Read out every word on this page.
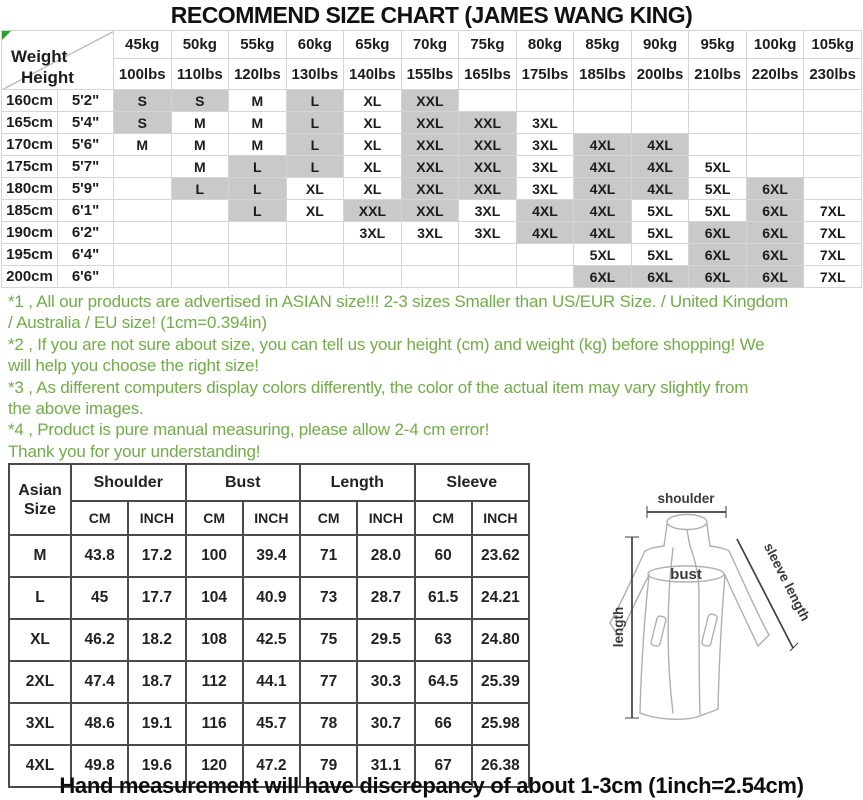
RECOMMEND SIZE CHART (JAMES WANG KING)
Weight
Height		45kg	50kg	55kg	60kg	65kg	70kg	75kg	80kg	85kg	90kg	95kg	100kg	105kg
		100lbs	110lbs	120lbs	130lbs	140lbs	155lbs	165lbs	175lbs	185lbs	200lbs	210lbs	220lbs	230lbs
160cm	5'2"	S	S	M	L	XL	XXL							
165cm	5'4"	S	M	M	L	XL	XXL	XXL	3XL					
170cm	5'6"	M	M	M	L	XL	XXL	XXL	3XL	4XL	4XL			
175cm	5'7"		M	L	L	XL	XXL	XXL	3XL	4XL	4XL	5XL		
180cm	5'9"		L	L	XL	XL	XXL	XXL	3XL	4XL	4XL	5XL	6XL	
185cm	6'1"			L	XL	XXL	XXL	3XL	4XL	4XL	5XL	5XL	6XL	7XL
190cm	6'2"					3XL	3XL	3XL	4XL	4XL	5XL	6XL	6XL	7XL
195cm	6'4"									5XL	5XL	6XL	6XL	7XL
200cm	6'6"									6XL	6XL	6XL	6XL	7XL
*1 , All our products are advertised in ASIAN size!!! 2-3 sizes Smaller than US/EUR Size. / United Kingdom
/ Australia / EU size! (1cm=0.394in)
*2 , If you are not sure about size, you can tell us your height (cm) and weight (kg) before shopping! We
will help you choose the right size!
*3 , As different computers display colors differently, the color of the actual item may vary slightly from
the above images.
*4 , Product is pure manual measuring, please allow 2-4 cm error!
Thank you for your understanding!
Asian
Size	Shoulder		Bust		Length		Sleeve	
	CM	INCH	CM	INCH	CM	INCH	CM	INCH
M	43.8	17.2	100	39.4	71	28.0	60	23.62
L	45	17.7	104	40.9	73	28.7	61.5	24.21
XL	46.2	18.2	108	42.5	75	29.5	63	24.80
2XL	47.4	18.7	112	44.1	77	30.3	64.5	25.39
3XL	48.6	19.1	116	45.7	78	30.7	66	25.98
4XL	49.8	19.6	120	47.2	79	31.1	67	26.38
shoulder
bust
length
sleeve length
Hand measurement will have discrepancy of about 1-3cm (1inch=2.54cm)
